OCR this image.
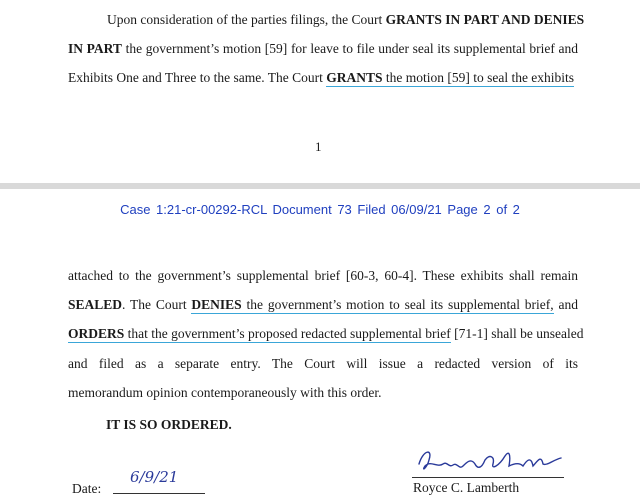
Upon consideration of the parties filings, the Court GRANTS IN PART AND DENIES
IN PART the government’s motion [59] for leave to file under seal its supplemental brief and
Exhibits One and Three to the same. The Court GRANTS the motion [59] to seal the exhibits
1
Case 1:21-cr-00292-RCL Document 73 Filed 06/09/21 Page 2 of 2
attached to the government’s supplemental brief [60-3, 60-4]. These exhibits shall remain
SEALED. The Court DENIES the government’s motion to seal its supplemental brief, and
ORDERS that the government’s proposed redacted supplemental brief [71-1] shall be unsealed
and filed as a separate entry. The Court will issue a redacted version of its
memorandum opinion contemporaneously with this order.
IT IS SO ORDERED.
Date:
6/9/21
Royce C. Lamberth
